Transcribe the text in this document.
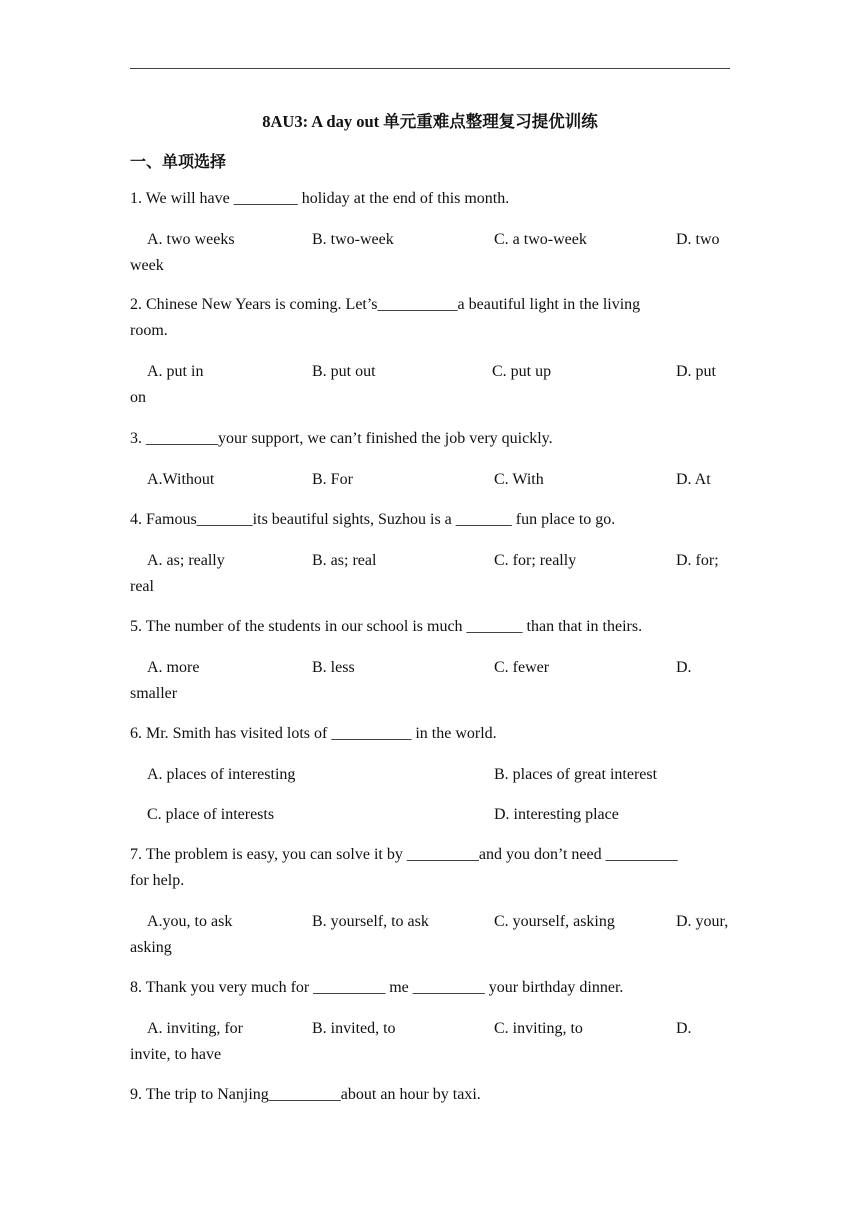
8AU3: A day out 单元重难点整理复习提优训练
一、单项选择
1. We will have ________ holiday at the end of this month.
A. two weeks	B. two-week	C. a two-week	D. two
week
2. Chinese New Years is coming. Let’s__________a beautiful light in the living
room.
A. put in	B. put out	C. put up	D. put
on
3. _________your support, we can’t finished the job very quickly.
A.Without	B. For	C. With	D. At
4. Famous_______its beautiful sights, Suzhou is a _______ fun place to go.
A. as; really	B. as; real	C. for; really	D. for;
real
5. The number of the students in our school is much _______ than that in theirs.
A. more	B. less	C. fewer	D.
smaller
6. Mr. Smith has visited lots of __________ in the world.
A. places of interesting	B. places of great interest
C. place of interests	D. interesting place
7. The problem is easy, you can solve it by _________and you don’t need _________
for help.
A.you, to ask	B. yourself, to ask	C. yourself, asking	D. your,
asking
8. Thank you very much for _________ me _________ your birthday dinner.
A. inviting, for	B. invited, to	C. inviting, to	D.
invite, to have
9. The trip to Nanjing_________about an hour by taxi.
